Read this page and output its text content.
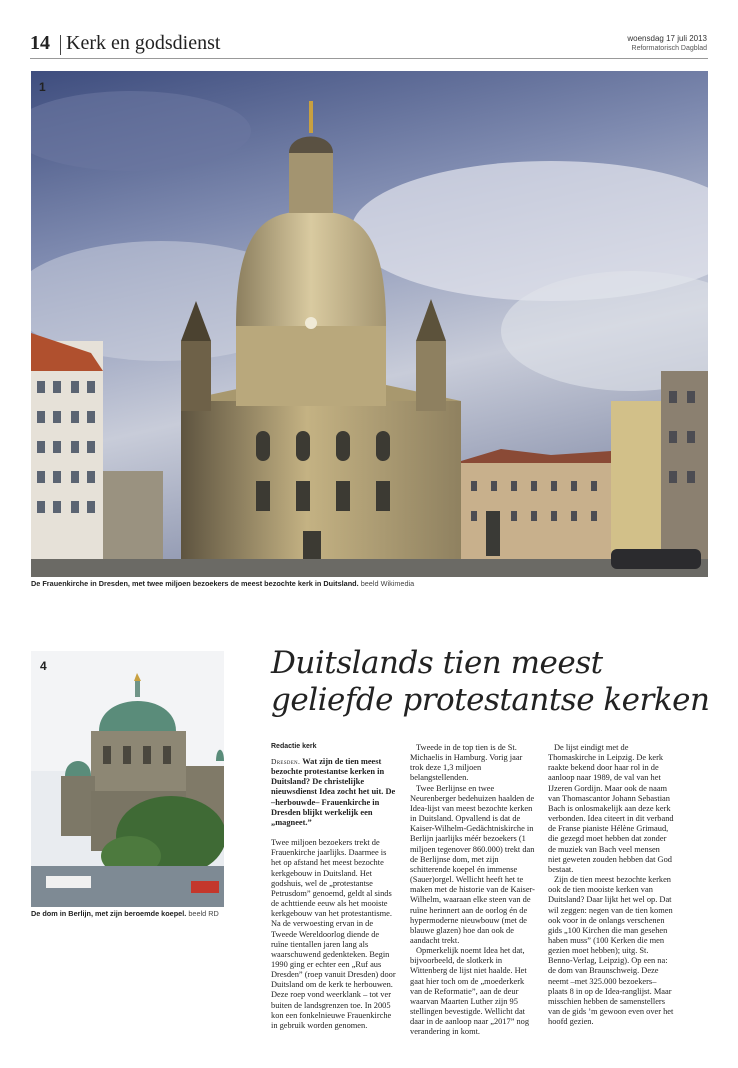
14 Kerk en godsdienst	woensdag 17 juli 2013
Reformatorisch Dagblad
1
De Frauenkirche in Dresden, met twee miljoen bezoekers de meest bezochte kerk in Duitsland. beeld Wikimedia
4
De dom in Berlijn, met zijn beroemde koepel. beeld RD
Duitslands tien meest
geliefde protestantse kerken
Redactie kerk

Dresden. Wat zijn de tien meest bezochte protestantse kerken in Duitsland? De christelijke nieuwsdienst Idea zocht het uit. De –herbouwde– Frauenkirche in Dresden blijkt werkelijk een „magneet.”

Twee miljoen bezoekers trekt de Frauenkirche jaarlijks. Daarmee is het op afstand het meest bezochte kerkgebouw in Duitsland. Het godshuis, wel de „protestantse Petrusdom” genoemd, geldt al sinds de achttiende eeuw als het mooiste kerkgebouw van het protestantisme. Na de verwoesting ervan in de Tweede Wereldoorlog diende de ruïne tientallen jaren lang als waarschuwend gedenkteken. Begin 1990 ging er echter een „Ruf aus Dresden” (roep vanuit Dresden) door Duitsland om de kerk te herbouwen. Deze roep vond weerklank – tot ver buiten de landsgrenzen toe. In 2005 kon een fonkelnieuwe Frauenkirche in gebruik worden genomen.

Tweede in de top tien is de St. Michaelis in Hamburg. Vorig jaar trok deze 1,3 miljoen belangstellenden.

Twee Berlijnse en twee Neurenberger bedehuizen haalden de Idea-lijst van meest bezochte kerken in Duitsland. Opvallend is dat de Kaiser-Wilhelm-Gedächtniskirche in Berlijn jaarlijks méér bezoekers (1 miljoen tegenover 860.000) trekt dan de Berlijnse dom, met zijn schitterende koepel én immense (Sauer)orgel. Wellicht heeft het te maken met de historie van de Kaiser-Wilhelm, waaraan elke steen van de ruïne herinnert aan de oorlog én de hypermoderne nieuwbouw (met de blauwe glazen) hoe dan ook de aandacht trekt.

Opmerkelijk noemt Idea het dat, bijvoorbeeld, de slotkerk in Wittenberg de lijst niet haalde. Het gaat hier toch om de „moederkerk van de Reformatie”, aan de deur waarvan Maarten Luther zijn 95 stellingen bevestigde. Wellicht dat daar in de aanloop naar „2017” nog verandering in komt.

De lijst eindigt met de Thomaskirche in Leipzig. De kerk raakte bekend door haar rol in de aanloop naar 1989, de val van het IJzeren Gordijn. Maar ook de naam van Thomascantor Johann Sebastian Bach is onlosmakelijk aan deze kerk verbonden. Idea citeert in dit verband de Franse pianiste Hélène Grimaud, die gezegd moet hebben dat zonder de muziek van Bach veel mensen niet geweten zouden hebben dat God bestaat.

Zijn de tien meest bezochte kerken ook de tien mooiste kerken van Duitsland? Daar lijkt het wel op. Dat wil zeggen: negen van de tien komen ook voor in de onlangs verschenen gids „100 Kirchen die man gesehen haben muss” (100 Kerken die men gezien moet hebben); uitg. St. Benno-Verlag, Leipzig). Op een na: de dom van Braunschweig. Deze neemt –met 325.000 bezoekers– plaats 8 in op de Idea-ranglijst. Maar misschien hebben de samenstellers van de gids ’m gewoon even over het hoofd gezien.
